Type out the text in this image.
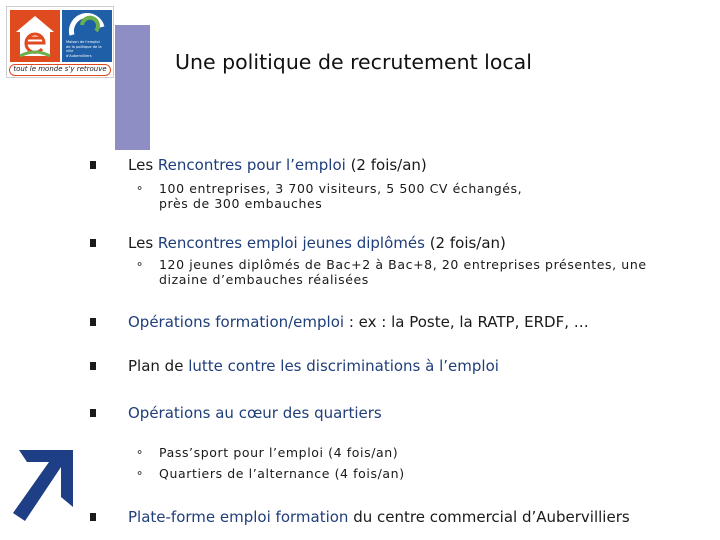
Maison de l'emploi
de la politique de la ville
d'Aubervilliers
tout le monde s'y retrouve	Une politique de recrutement local
Les Rencontres pour l’emploi (2 fois/an)
⚬ 100 entreprises, 3 700 visiteurs, 5 500 CV échangés,
près de 300 embauches
Les Rencontres emploi jeunes diplômés (2 fois/an)
⚬ 120 jeunes diplômés de Bac+2 à Bac+8, 20 entreprises présentes, une
dizaine d’embauches réalisées
Opérations formation/emploi : ex : la Poste, la RATP, ERDF, …
Plan de lutte contre les discriminations à l’emploi
Opérations au cœur des quartiers
⚬ Pass’sport pour l’emploi (4 fois/an)
⚬ Quartiers de l’alternance (4 fois/an)
Plate-forme emploi formation du centre commercial d’Aubervilliers
